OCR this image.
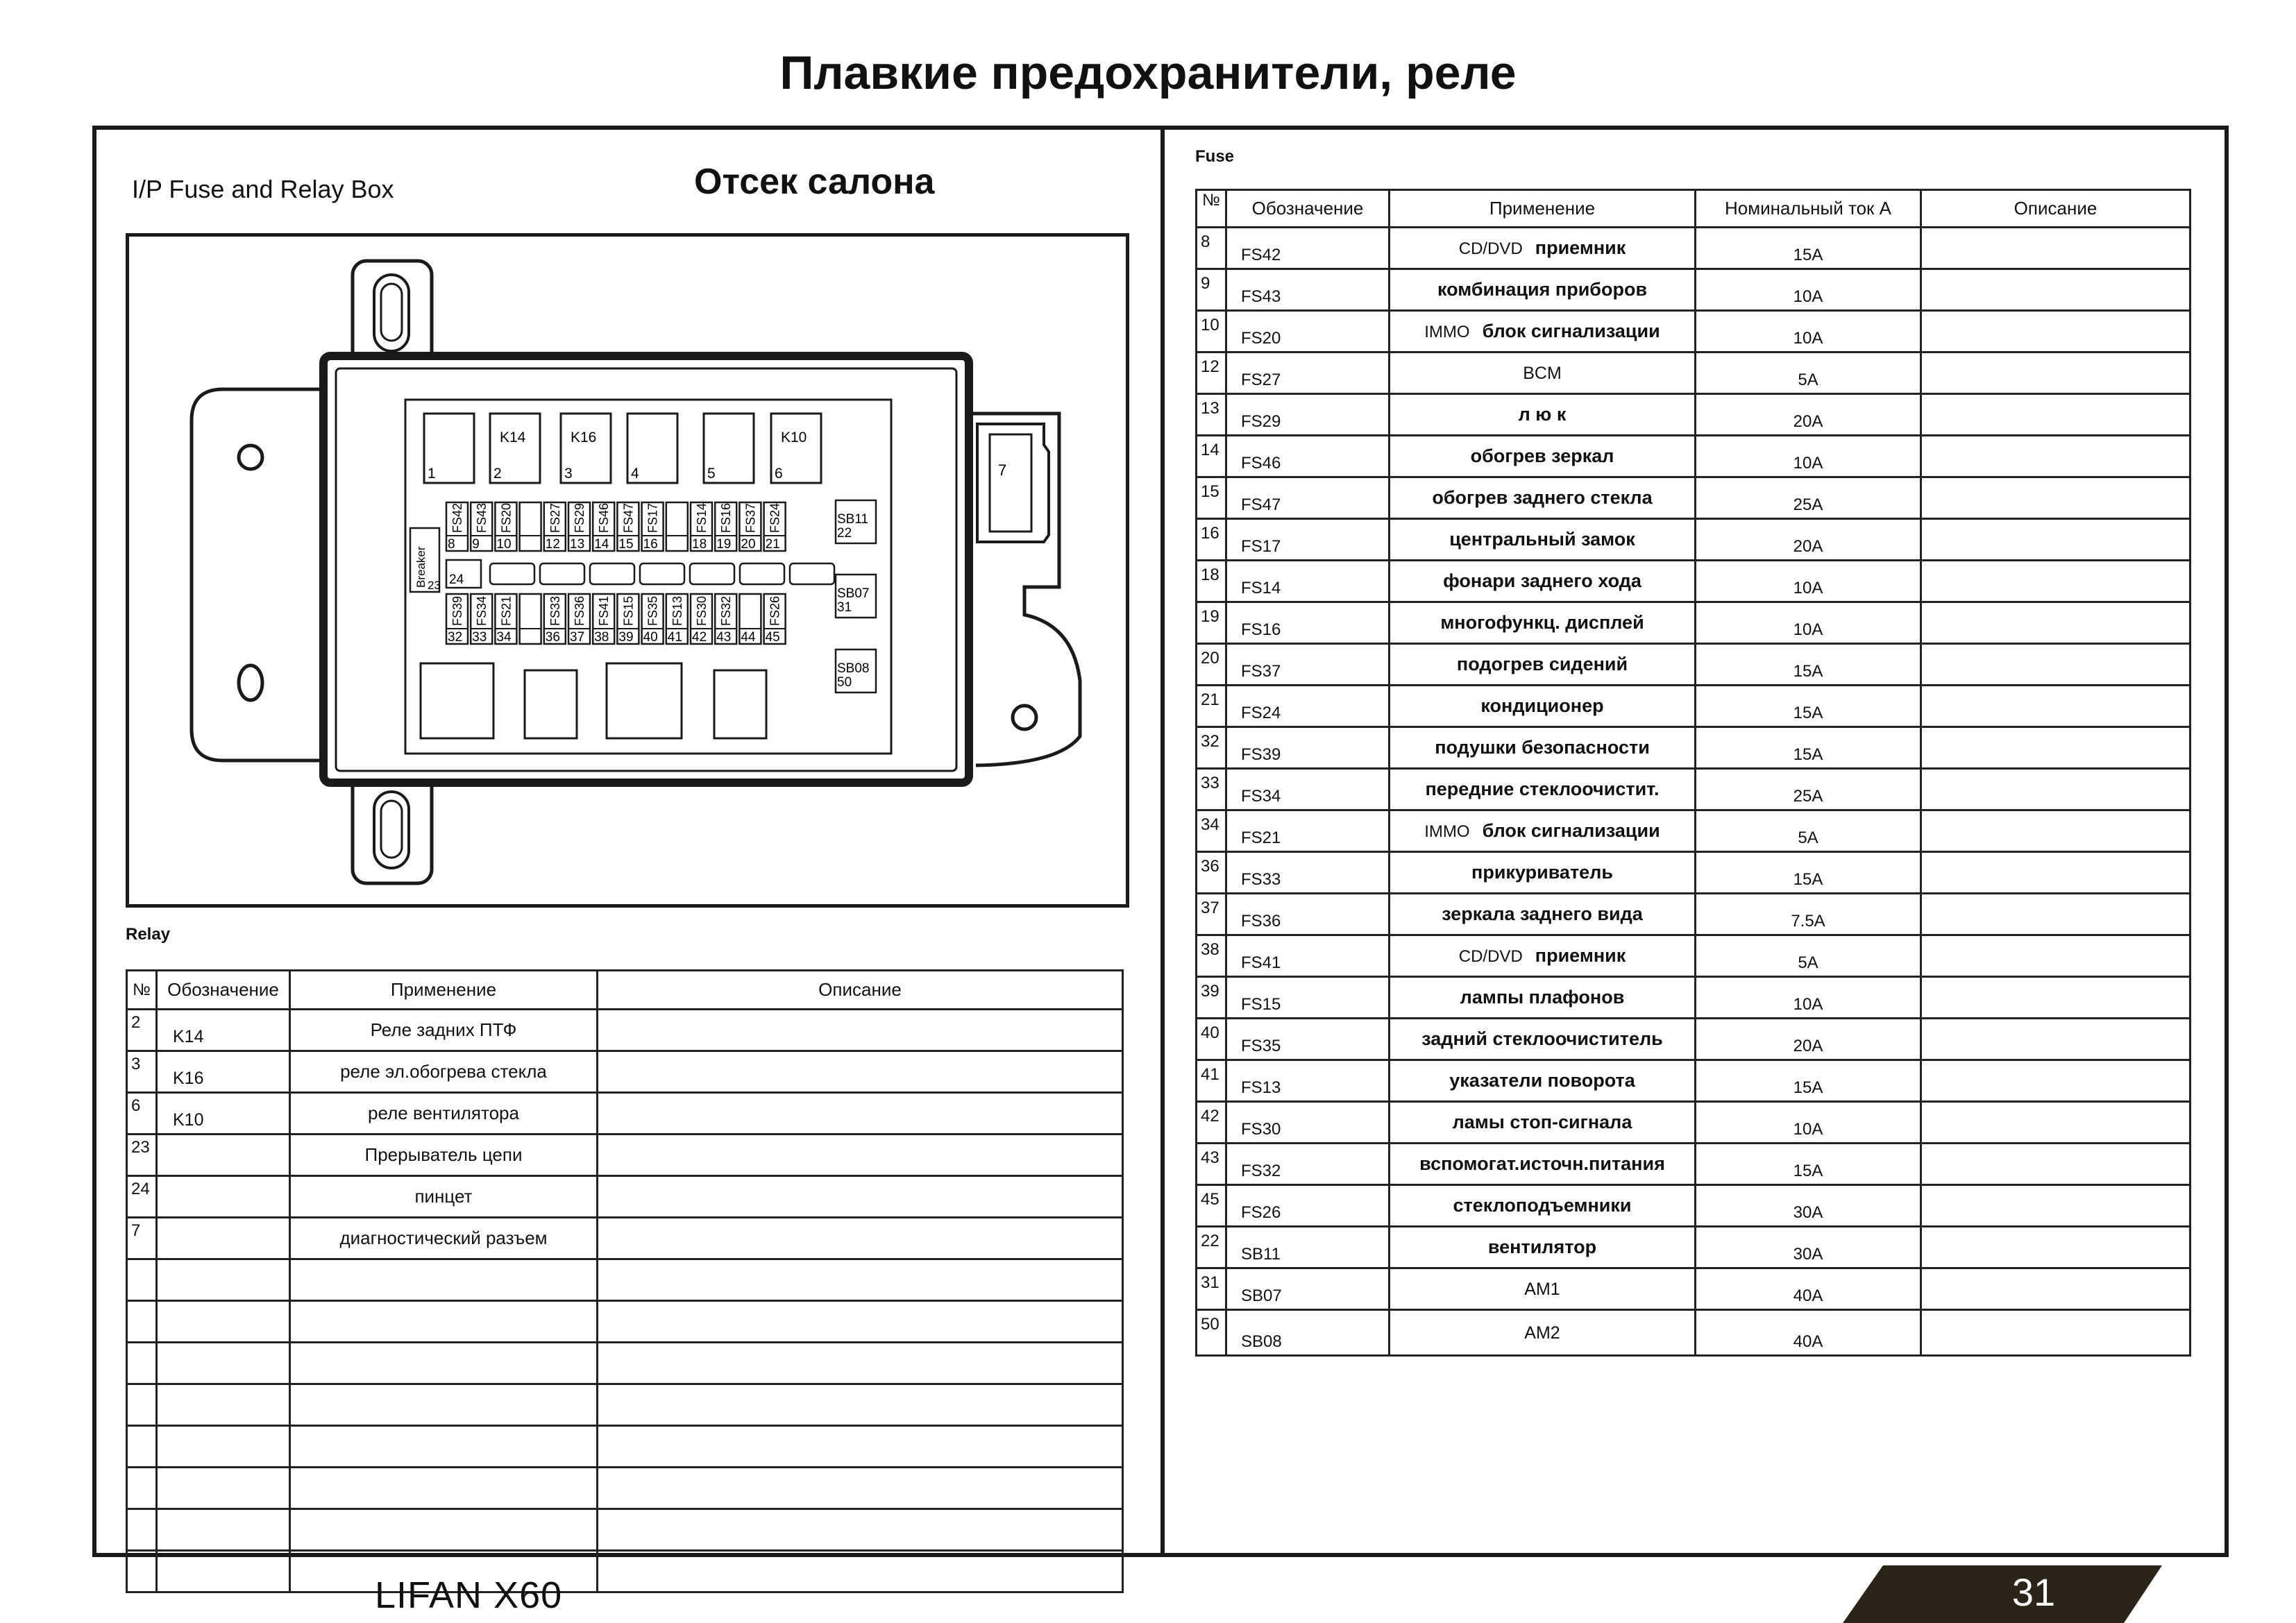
Плавкие предохранители, реле
I/P Fuse and Relay Box	Отсек салона
7
1
K14
2
K16
3	4	5
K10
6
FS42
8
FS43
9
FS20
10
FS27
12
FS29
13
FS46
14
FS47
15
FS17
16
FS14
18
FS16
19
FS37
20
FS24
21
FS39
32
FS34
33
FS21
34
FS33
36
FS36
37
FS41
38
FS15
39
FS35
40
FS13
41
FS30
42
FS32
43 44
FS26
45
24
Breaker 23
SB11
22
SB07
31
SB08
50
Relay
№	Обозначение	Применение	Описание
2	K14	Реле задних ПТФ	
3	K16	реле эл.обогрева стекла	
6	K10	реле вентилятора	
23		Прерыватель цепи	
24		пинцет	
7		диагностический разъем	

Fuse
№	Обозначение	Применение	Номинальный ток А	Описание
8	FS42	CD/DVD приемник	15A	
9	FS43	комбинация приборов	10A	
10	FS20	IMMO блок сигнализации	10A	
12	FS27	BCM	5A	
13	FS29	л ю к	20A	
14	FS46	обогрев зеркал	10A	
15	FS47	обогрев заднего стекла	25A	
16	FS17	центральный замок	20A	
18	FS14	фонари заднего хода	10A	
19	FS16	многофункц. дисплей	10A	
20	FS37	подогрев сидений	15A	
21	FS24	кондиционер	15A	
32	FS39	подушки безопасности	15A	
33	FS34	передние стеклоочистит.	25A	
34	FS21	IMMO блок сигнализации	5A	
36	FS33	прикуриватель	15A	
37	FS36	зеркала заднего вида	7.5A	
38	FS41	CD/DVD приемник	5A	
39	FS15	лампы плафонов	10A	
40	FS35	задний стеклоочиститель	20A	
41	FS13	указатели поворота	15A	
42	FS30	ламы стоп-сигнала	10A	
43	FS32	вспомогат.источн.питания	15A	
45	FS26	стеклоподъемники	30A	
22	SB11	вентилятор	30A	
31	SB07	AM1	40A	
50	SB08	AM2	40A	
LIFAN X60	31
